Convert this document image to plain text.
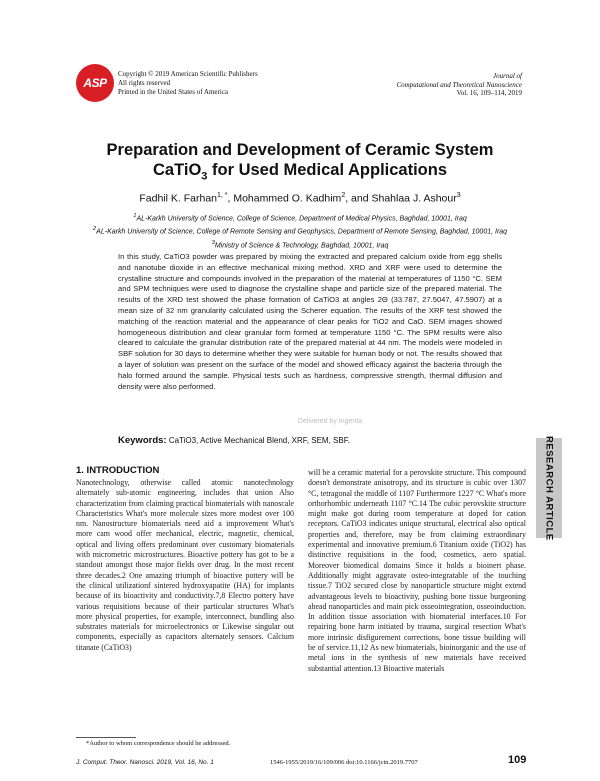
ASP
Copyright © 2019 American Scientific Publishers
All rights reserved
Printed in the United States of America
Journal of
Computational and Theoretical Nanoscience
Vol. 16, 109–114, 2019
Preparation and Development of Ceramic System
CaTiO$_3$ for Used Medical Applications
Fadhil K. Farhan$^{1, *}$, Mohammed O. Kadhim$^2$, and Shahlaa J. Ashour$^3$
$^1$AL-Karkh University of Science, College of Science, Department of Medical Physics, Baghdad, 10001, Iraq
$^2$AL-Karkh University of Science, College of Remote Sensing and Geophysics, Department of Remote Sensing, Baghdad, 10001, Iraq
$^3$Ministry of Science & Technology, Baghdad, 10001, Iraq
In this study, CaTiO3 powder was prepared by mixing the extracted and prepared calcium oxide from egg shells and nanotube dioxide in an effective mechanical mixing method. XRD and XRF were used to determine the crystalline structure and compounds involved in the preparation of the material at temperatures of 1150 °C. SEM and SPM techniques were used to diagnose the crystalline shape and particle size of the prepared material. The results of the XRD test showed the phase formation of CaTiO3 at angles 2Θ (33.787, 27.5047, 47.5907) at a mean size of 32 nm granularity calculated using the Scherer equation. The results of the XRF test showed the matching of the reaction material and the appearance of clear peaks for TiO2 and CaO. SEM images showed homogeneous distribution and clear granular form formed at temperature 1150 °C. The SPM results were also cleared to calculate the granular distribution rate of the prepared material at 44 nm. The models were modeled in SBF solution for 30 days to determine whether they were suitable for human body or not. The results showed that a layer of solution was present on the surface of the model and showed efficacy against the bacteria through the halo formed around the sample. Physical tests such as hardness, compressive strength, thermal diffusion and density were also performed.
Delivered by Ingenta
Keywords: CaTiO3, Active Mechanical Blend, XRF, SEM, SBF.	RESEARCH ARTICLE
1. INTRODUCTION
Nanotechnology, otherwise called atomic nanotechnology alternately sub-atomic engineering, includes that union Also characterization from claiming practical biomaterials with nanoscale Characteristics What's more molecule sizes more modest over 100 nm. Nanostructure biomaterials need aid a improvement What's more cam wood offer mechanical, electric, magnetic, chemical, optical and living offers predominant over customary biomaterials with micrometric microstructures. Bioactive pottery has got to be a standout amongst those major fields over drug. In the most recent three decades.2 One amazing triumph of bioactive pottery will be the clinical utilizationf sintered hydroxyapatite (HA) for implants because of its bioactivity and conductivity.7,8 Electro pottery have various requisitions because of their particular structures What's more physical properties, for example, interconnect, bundling also substrates materials for microelectronics or Likewise singular out components, especially as capacitors alternately sensors. Calcium titanate (CaTiO3)
will be a ceramic material for a perovskite structure. This compound doesn't demonstrate anisotropy, and its structure is cubic over 1307 °C, tetragonal the middle of 1107 Furthermore 1227 °C What's more orthorhombic underneath 1107 °C.14 The cubic perovskite structure might make got during room temperature at doped for cation receptors. CaTiO3 indicates unique structural, electrical also optical properties and, therefore, may be from claiming extraordinary experimental and innovative premium.6 Titanium oxide (TiO2) has distinctive requisitions in the food, cosmetics, aero spatial. Moreover biomedical domains Since it holds a bioinert phase. Additionally might aggravate osteo-integratable of the touching tissue.7 TiO2 secured close by nanoparticle structure might extend advantageous levels to bioactivity, pushing bone tissue burgeoning ahead nanoparticles and main pick osseointegration, osseoinduction. In addition tissue association with biomaterial interfaces.10 For repairing bone harm initiated by trauma, surgical resection What's more intrinsic disfigurement corrections, bone tissue building will be of service.11,12 As new biomaterials, bioinorganic and the use of metal ions in the synthesis of new materials have received substantial attention.13 Bioactive materials
*Author to whom correspondence should be addressed.
J. Comput. Theor. Nanosci. 2019, Vol. 16, No. 1	1546-1955/2019/16/109/006 doi:10.1166/jctn.2019.7707	109
